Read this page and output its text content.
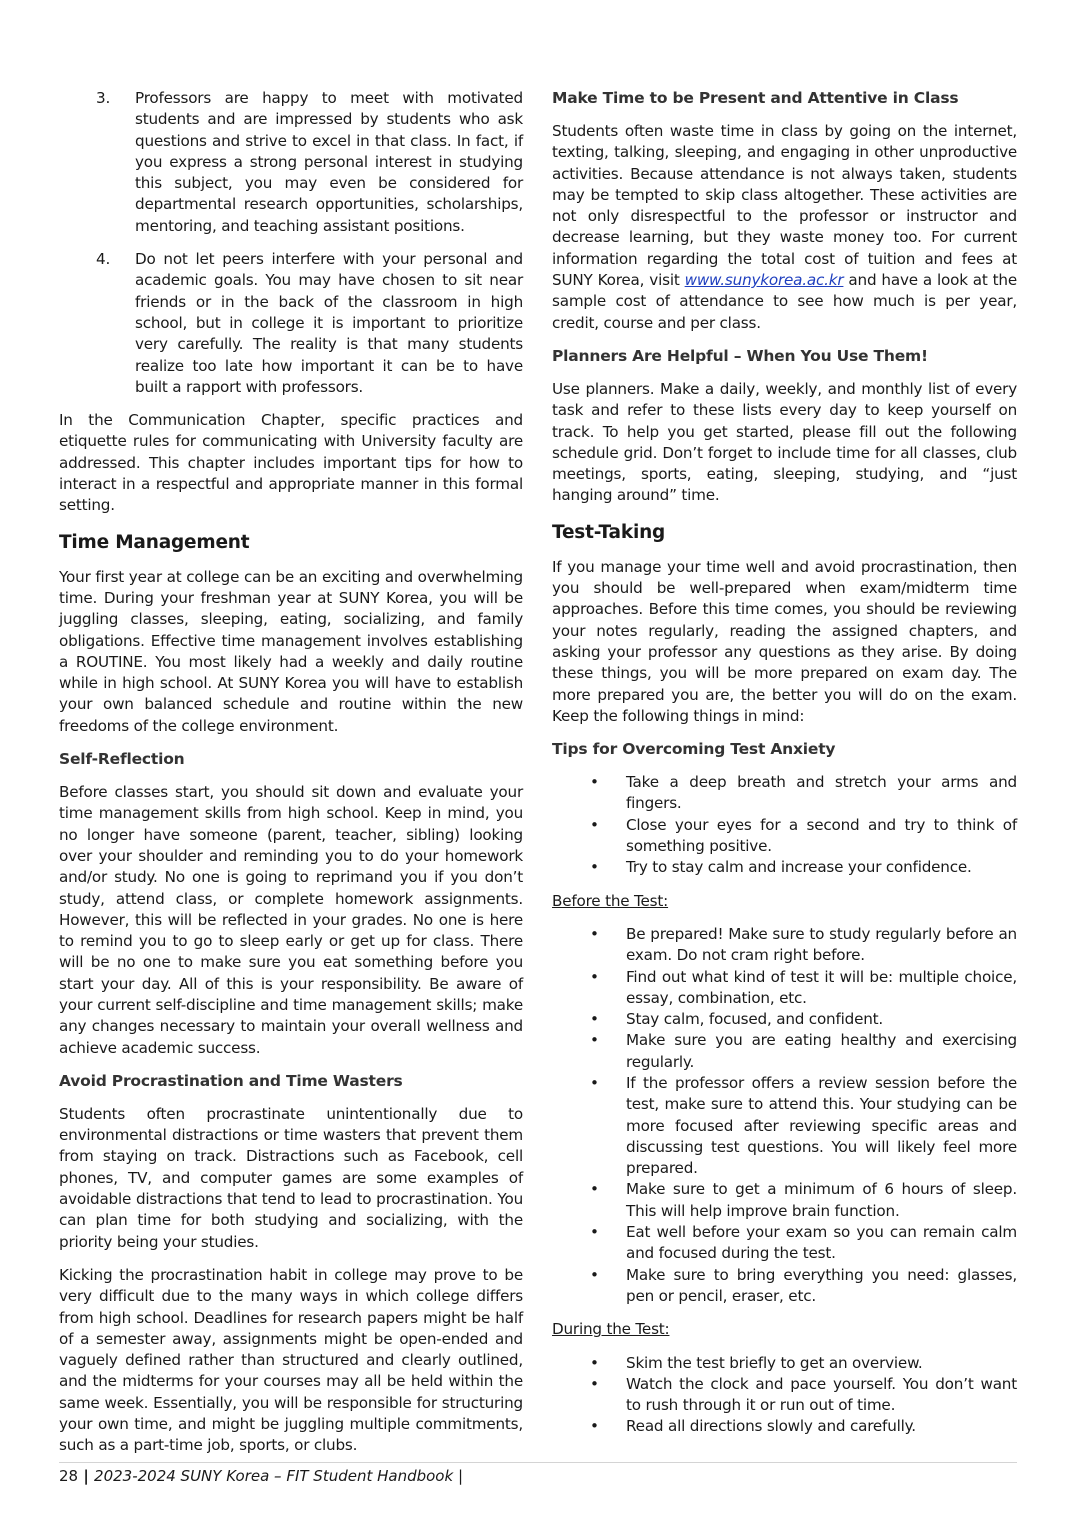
3. Professors are happy to meet with motivated students and are impressed by students who ask questions and strive to excel in that class. In fact, if you express a strong personal interest in studying this subject, you may even be considered for departmental research opportunities, scholarships, mentoring, and teaching assistant positions.
4. Do not let peers interfere with your personal and academic goals. You may have chosen to sit near friends or in the back of the classroom in high school, but in college it is important to prioritize very carefully. The reality is that many students realize too late how important it can be to have built a rapport with professors.

In the Communication Chapter, specific practices and etiquette rules for communicating with University faculty are addressed. This chapter includes important tips for how to interact in a respectful and appropriate manner in this formal setting.

Time Management

Your first year at college can be an exciting and overwhelming time. During your freshman year at SUNY Korea, you will be juggling classes, sleeping, eating, socializing, and family obligations. Effective time management involves establishing a ROUTINE. You most likely had a weekly and daily routine while in high school. At SUNY Korea you will have to establish your own balanced schedule and routine within the new freedoms of the college environment.

Self-Reflection

Before classes start, you should sit down and evaluate your time management skills from high school. Keep in mind, you no longer have someone (parent, teacher, sibling) looking over your shoulder and reminding you to do your homework and/or study. No one is going to reprimand you if you don’t study, attend class, or complete homework assignments. However, this will be reflected in your grades. No one is here to remind you to go to sleep early or get up for class. There will be no one to make sure you eat something before you start your day. All of this is your responsibility. Be aware of your current self-discipline and time management skills; make any changes necessary to maintain your overall wellness and achieve academic success.

Avoid Procrastination and Time Wasters

Students often procrastinate unintentionally due to environmental distractions or time wasters that prevent them from staying on track. Distractions such as Facebook, cell phones, TV, and computer games are some examples of avoidable distractions that tend to lead to procrastination. You can plan time for both studying and socializing, with the priority being your studies.

Kicking the procrastination habit in college may prove to be very difficult due to the many ways in which college differs from high school. Deadlines for research papers might be half of a semester away, assignments might be open-ended and vaguely defined rather than structured and clearly outlined, and the midterms for your courses may all be held within the same week. Essentially, you will be responsible for structuring your own time, and might be juggling multiple commitments, such as a part-time job, sports, or clubs.

Make Time to be Present and Attentive in Class

Students often waste time in class by going on the internet, texting, talking, sleeping, and engaging in other unproductive activities. Because attendance is not always taken, students may be tempted to skip class altogether. These activities are not only disrespectful to the professor or instructor and decrease learning, but they waste money too. For current information regarding the total cost of tuition and fees at SUNY Korea, visit www.sunykorea.ac.kr and have a look at the sample cost of attendance to see how much is per year, credit, course and per class.

Planners Are Helpful – When You Use Them!

Use planners. Make a daily, weekly, and monthly list of every task and refer to these lists every day to keep yourself on track. To help you get started, please fill out the following schedule grid. Don’t forget to include time for all classes, club meetings, sports, eating, sleeping, studying, and “just hanging around” time.

Test-Taking

If you manage your time well and avoid procrastination, then you should be well-prepared when exam/midterm time approaches. Before this time comes, you should be reviewing your notes regularly, reading the assigned chapters, and asking your professor any questions as they arise. By doing these things, you will be more prepared on exam day. The more prepared you are, the better you will do on the exam. Keep the following things in mind:

Tips for Overcoming Test Anxiety
• Take a deep breath and stretch your arms and fingers.
• Close your eyes for a second and try to think of something positive.
• Try to stay calm and increase your confidence.
Before the Test:
• Be prepared! Make sure to study regularly before an exam. Do not cram right before.
• Find out what kind of test it will be: multiple choice, essay, combination, etc.
• Stay calm, focused, and confident.
• Make sure you are eating healthy and exercising regularly.
• If the professor offers a review session before the test, make sure to attend this. Your studying can be more focused after reviewing specific areas and discussing test questions. You will likely feel more prepared.
• Make sure to get a minimum of 6 hours of sleep. This will help improve brain function.
• Eat well before your exam so you can remain calm and focused during the test.
• Make sure to bring everything you need: glasses, pen or pencil, eraser, etc.
During the Test:
• Skim the test briefly to get an overview.
• Watch the clock and pace yourself. You don’t want to rush through it or run out of time.
• Read all directions slowly and carefully.
28 | 2023-2024 SUNY Korea – FIT Student Handbook |
